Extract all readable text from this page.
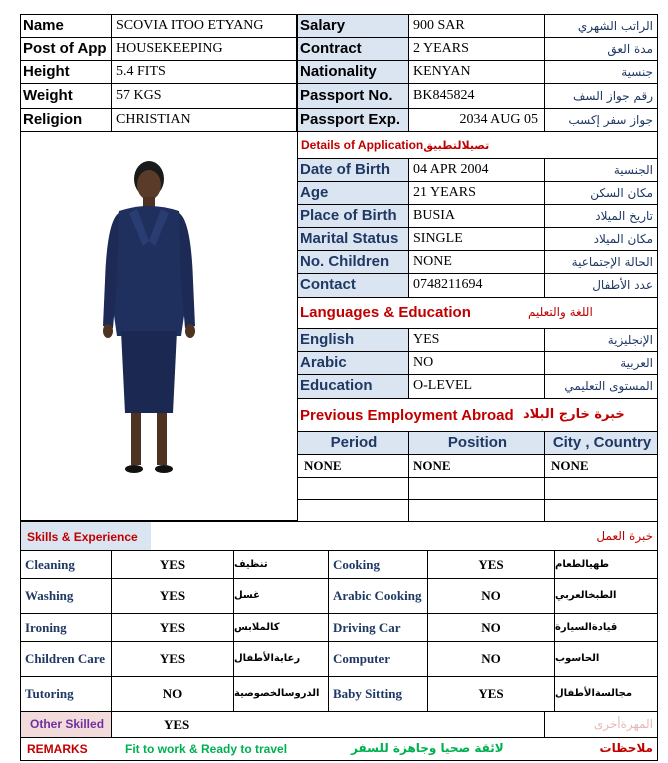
Name	SCOVIA ITOO ETYANG
Post of App HOUSEKEEPING
Height	5.4 FITS
Weight	57 KGS
Religion	CHRISTIAN
Salary	900 SAR	الراتب الشهري
Contract	2 YEARS	مدة العق
Nationality	KENYAN	جنسية
Passport No.	BK845824	رقم جواز السف
Passport Exp.	2034 AUG 05	جواز سفر إكسب
Details of Applicationتصيلالتطبيق
Date of Birth	04 APR 2004	الجنسية
Age	21 YEARS	مكان السكن
Place of Birth	BUSIA	تاريخ الميلاد
Marital Status	SINGLE	مكان الميلاد
No. Children	NONE	الحالة الإجتماعية
Contact	0748211694	عدد الأطفال
Languages & Education	اللغة والتعليم
English	YES	الإنجليزية
Arabic	NO	العربية
Education	O-LEVEL	المستوى التعليمي
Previous Employment Abroad خبرة خارج البلاد
Period	Position	City , Country
NONE	NONE	NONE
Skills & Experience	خبرة العمل
Cleaning	YES	تنظيف	Cooking	YES	طهيالطعام
Washing	YES	غسل	Arabic Cooking	NO	الطبخالعربي
Ironing	YES	كالملابس	Driving Car	NO	قيادةالسيارة
Children Care	YES	رعايةالأطفال	Computer	NO	الحاسوب
Tutoring	NO	الدروسالخصوصية	Baby Sitting	YES	مجالسةالأطفال
Other Skilled	YES	المهرةأخرى
REMARKS	Fit to work & Ready to travel	لائقة صحيا وجاهزة للسفر	ملاحظات
